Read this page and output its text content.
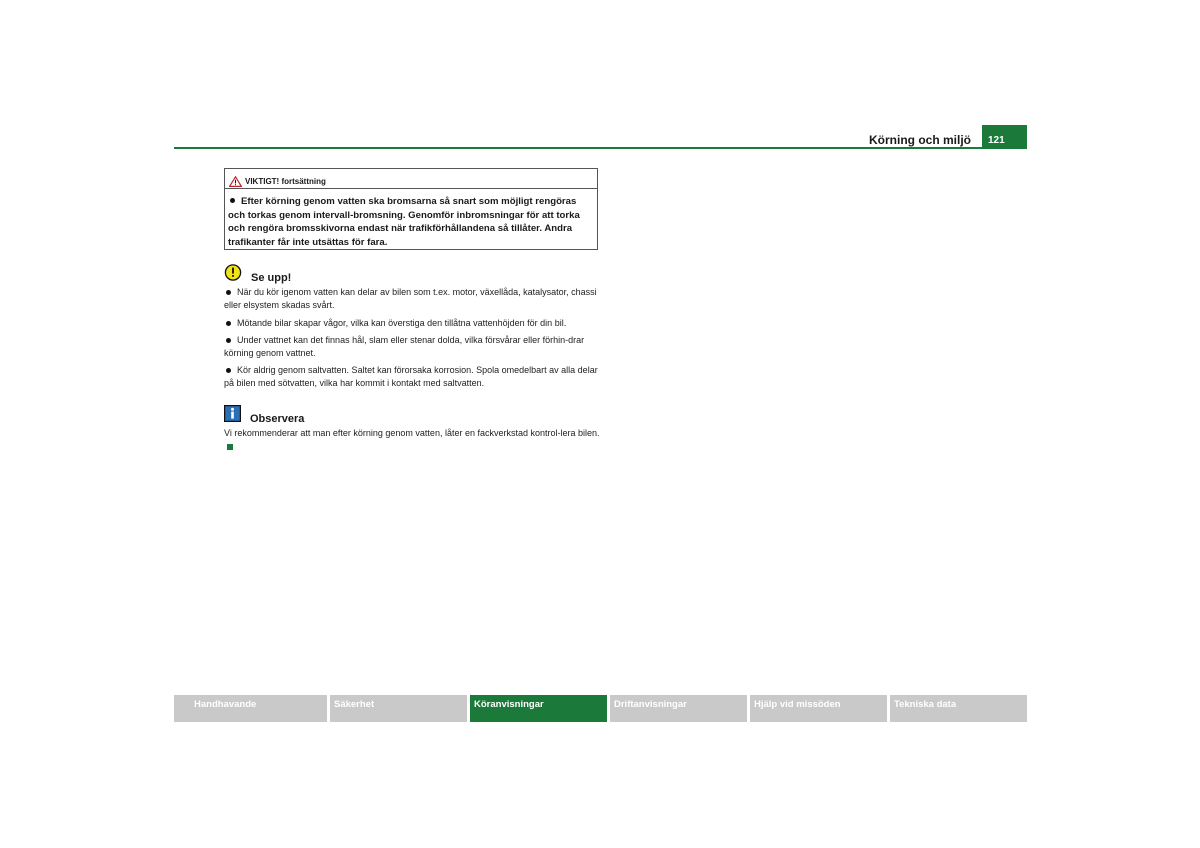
Körning och miljö	121
VIKTIGT! fortsättning
Efter körning genom vatten ska bromsarna så snart som möjligt rengöras och torkas genom intervall-bromsning. Genomför inbromsningar för att torka och rengöra bromsskivorna endast när trafikförhållandena så tillåter. Andra trafikanter får inte utsättas för fara.
Se upp!
När du kör igenom vatten kan delar av bilen som t.ex. motor, växellåda, katalysator, chassi eller elsystem skadas svårt.
Mötande bilar skapar vågor, vilka kan överstiga den tillåtna vattenhöjden för din bil.
Under vattnet kan det finnas hål, slam eller stenar dolda, vilka försvårar eller förhin-drar körning genom vattnet.
Kör aldrig genom saltvatten. Saltet kan förorsaka korrosion. Spola omedelbart av alla delar på bilen med sötvatten, vilka har kommit i kontakt med saltvatten.
Observera
Vi rekommenderar att man efter körning genom vatten, låter en fackverkstad kontrol-lera bilen.
Handhavande	Säkerhet	Köranvisningar	Driftanvisningar	Hjälp vid missöden	Tekniska data
